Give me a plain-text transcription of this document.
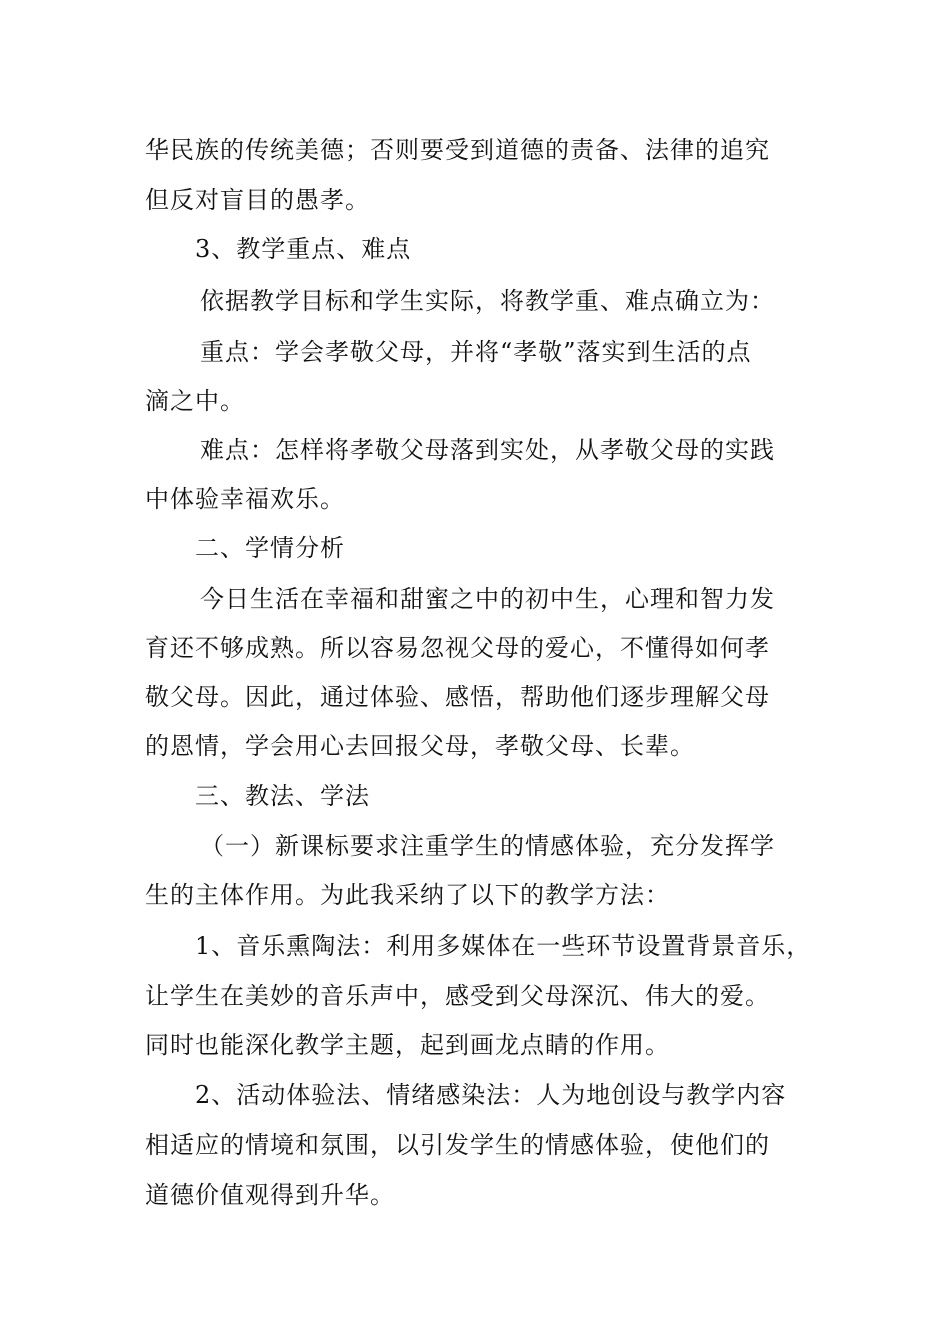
华民族的传统美德；否则要受到道德的责备、法律的追究
但反对盲目的愚孝。
3、教学重点、难点
依据教学目标和学生实际，将教学重、难点确立为：
重点：学会孝敬父母，并将“孝敬”落实到生活的点
滴之中。
难点：怎样将孝敬父母落到实处，从孝敬父母的实践
中体验幸福欢乐。
二、学情分析
今日生活在幸福和甜蜜之中的初中生，心理和智力发
育还不够成熟。所以容易忽视父母的爱心，不懂得如何孝
敬父母。因此，通过体验、感悟，帮助他们逐步理解父母
的恩情，学会用心去回报父母，孝敬父母、长辈。
三、教法、学法
（一）新课标要求注重学生的情感体验，充分发挥学
生的主体作用。为此我采纳了以下的教学方法：
1、音乐熏陶法：利用多媒体在一些环节设置背景音乐，
让学生在美妙的音乐声中，感受到父母深沉、伟大的爱。
同时也能深化教学主题，起到画龙点睛的作用。
2、活动体验法、情绪感染法：人为地创设与教学内容
相适应的情境和氛围，以引发学生的情感体验，使他们的
道德价值观得到升华。
